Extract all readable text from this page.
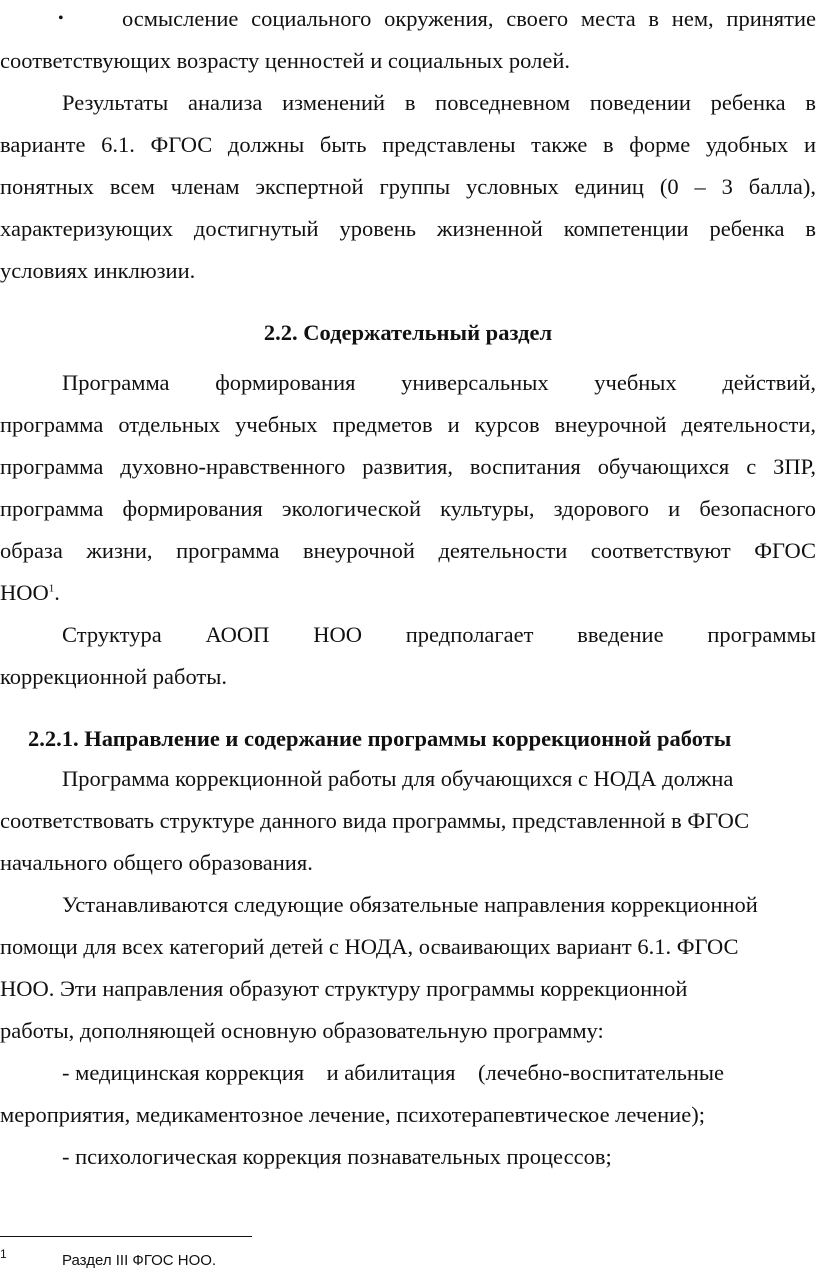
•	осмысление социального окружения, своего места в нем, принятие
соответствующих возрасту ценностей и социальных ролей.
Результаты анализа изменений в повседневном поведении ребенка в
варианте 6.1. ФГОС должны быть представлены также в форме удобных и
понятных всем членам экспертной группы условных единиц (0 – 3 балла),
характеризующих достигнутый уровень жизненной компетенции ребенка в
условиях инклюзии.
2.2. Содержательный раздел
Программа формирования универсальных учебных действий,
программа отдельных учебных предметов и курсов внеурочной деятельности,
программа духовно-нравственного развития, воспитания обучающихся с ЗПР,
программа формирования экологической культуры, здорового и безопасного
образа жизни, программа внеурочной деятельности соответствуют ФГОС
НОО$^1$.
Структура АООП НОО предполагает введение программы
коррекционной работы.
2.2.1. Направление и содержание программы коррекционной работы
Программа коррекционной работы для обучающихся с НОДА должна
соответствовать структуре данного вида программы, представленной в ФГОС
начального общего образования.
Устанавливаются следующие обязательные направления коррекционной
помощи для всех категорий детей с НОДА, осваивающих вариант 6.1. ФГОС
НОО. Эти направления образуют структуру программы коррекционной
работы, дополняющей основную образовательную программу:
- медицинская коррекция    и абилитация    (лечебно-воспитательные
мероприятия, медикаментозное лечение, психотерапевтическое лечение);
- психологическая коррекция познавательных процессов;
1	Раздел III ФГОС НОО.
